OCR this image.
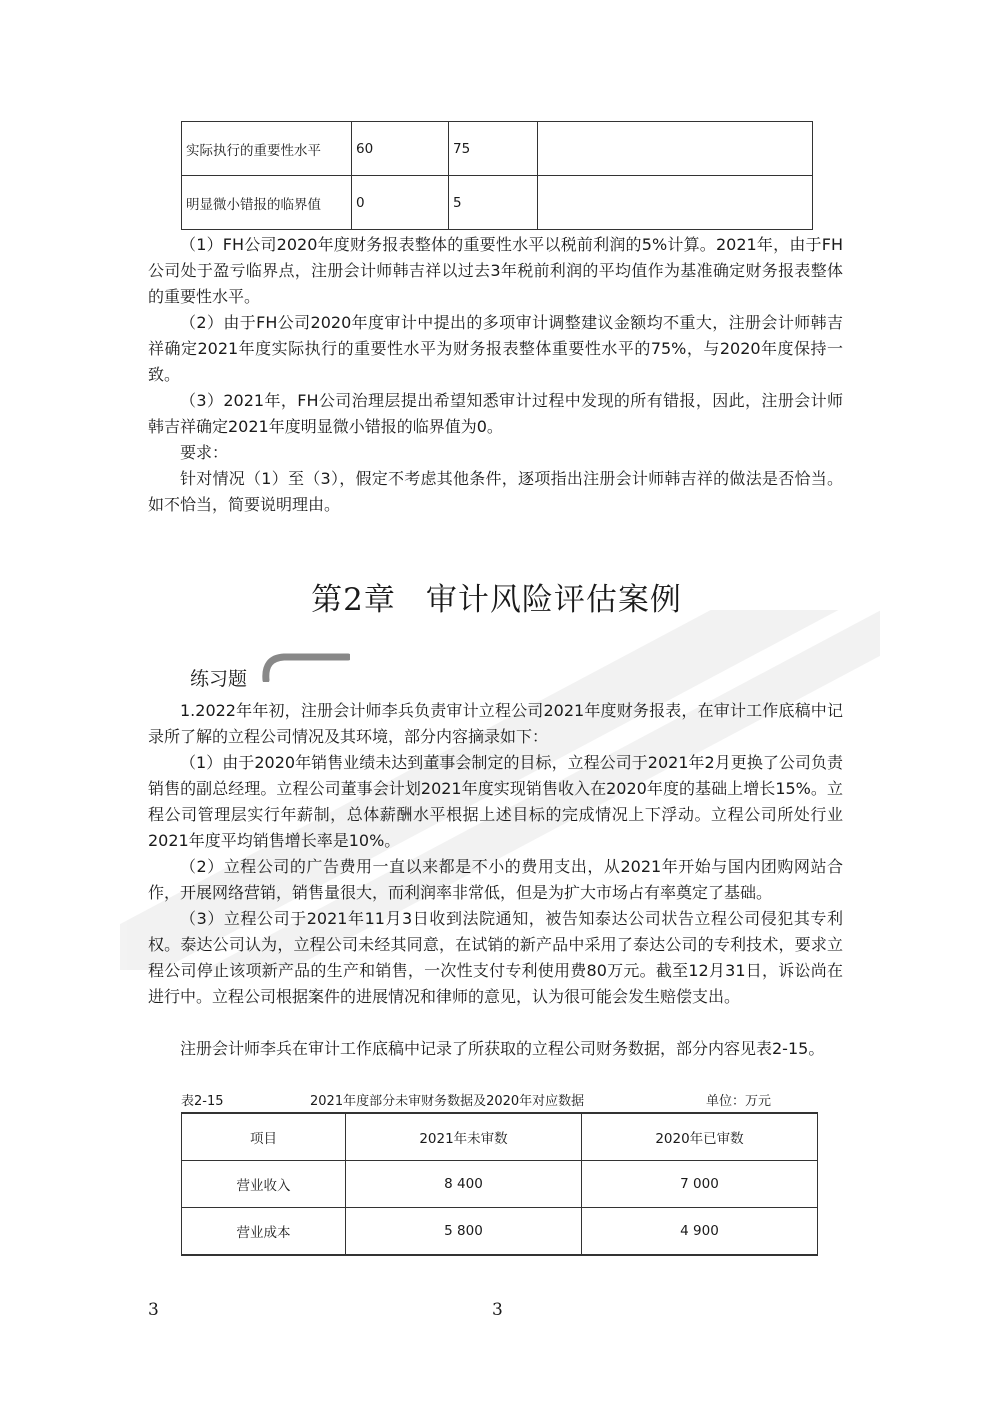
实际执行的重要性水平	60	75	
明显微小错报的临界值	0	5	

（1）FH公司2020年度财务报表整体的重要性水平以税前利润的5%计算。2021年，由于FH公司处于盈亏临界点，注册会计师韩吉祥以过去3年税前利润的平均值作为基准确定财务报表整体的重要性水平。

（2）由于FH公司2020年度审计中提出的多项审计调整建议金额均不重大，注册会计师韩吉祥确定2021年度实际执行的重要性水平为财务报表整体重要性水平的75%，与2020年度保持一致。

（3）2021年，FH公司治理层提出希望知悉审计过程中发现的所有错报，因此，注册会计师韩吉祥确定2021年度明显微小错报的临界值为0。

要求：

针对情况（1）至（3），假定不考虑其他条件，逐项指出注册会计师韩吉祥的做法是否恰当。如不恰当，简要说明理由。

第2章 审计风险评估案例
练习题

1.2022年年初，注册会计师李兵负责审计立程公司2021年度财务报表，在审计工作底稿中记录所了解的立程公司情况及其环境，部分内容摘录如下：

（1）由于2020年销售业绩未达到董事会制定的目标，立程公司于2021年2月更换了公司负责销售的副总经理。立程公司董事会计划2021年度实现销售收入在2020年度的基础上增长15%。立程公司管理层实行年薪制，总体薪酬水平根据上述目标的完成情况上下浮动。立程公司所处行业2021年度平均销售增长率是10%。

（2）立程公司的广告费用一直以来都是不小的费用支出，从2021年开始与国内团购网站合作，开展网络营销，销售量很大，而利润率非常低，但是为扩大市场占有率奠定了基础。

（3）立程公司于2021年11月3日收到法院通知，被告知泰达公司状告立程公司侵犯其专利权。泰达公司认为，立程公司未经其同意，在试销的新产品中采用了泰达公司的专利技术，要求立程公司停止该项新产品的生产和销售，一次性支付专利使用费80万元。截至12月31日，诉讼尚在进行中。立程公司根据案件的进展情况和律师的意见，认为很可能会发生赔偿支出。

注册会计师李兵在审计工作底稿中记录了所获取的立程公司财务数据，部分内容见表2-15。

表2-15	2021年度部分未审财务数据及2020年对应数据	单位：万元
项目	2021年未审数	2020年已审数
营业收入	8 400	7 000
营业成本	5 800	4 900
3	3
